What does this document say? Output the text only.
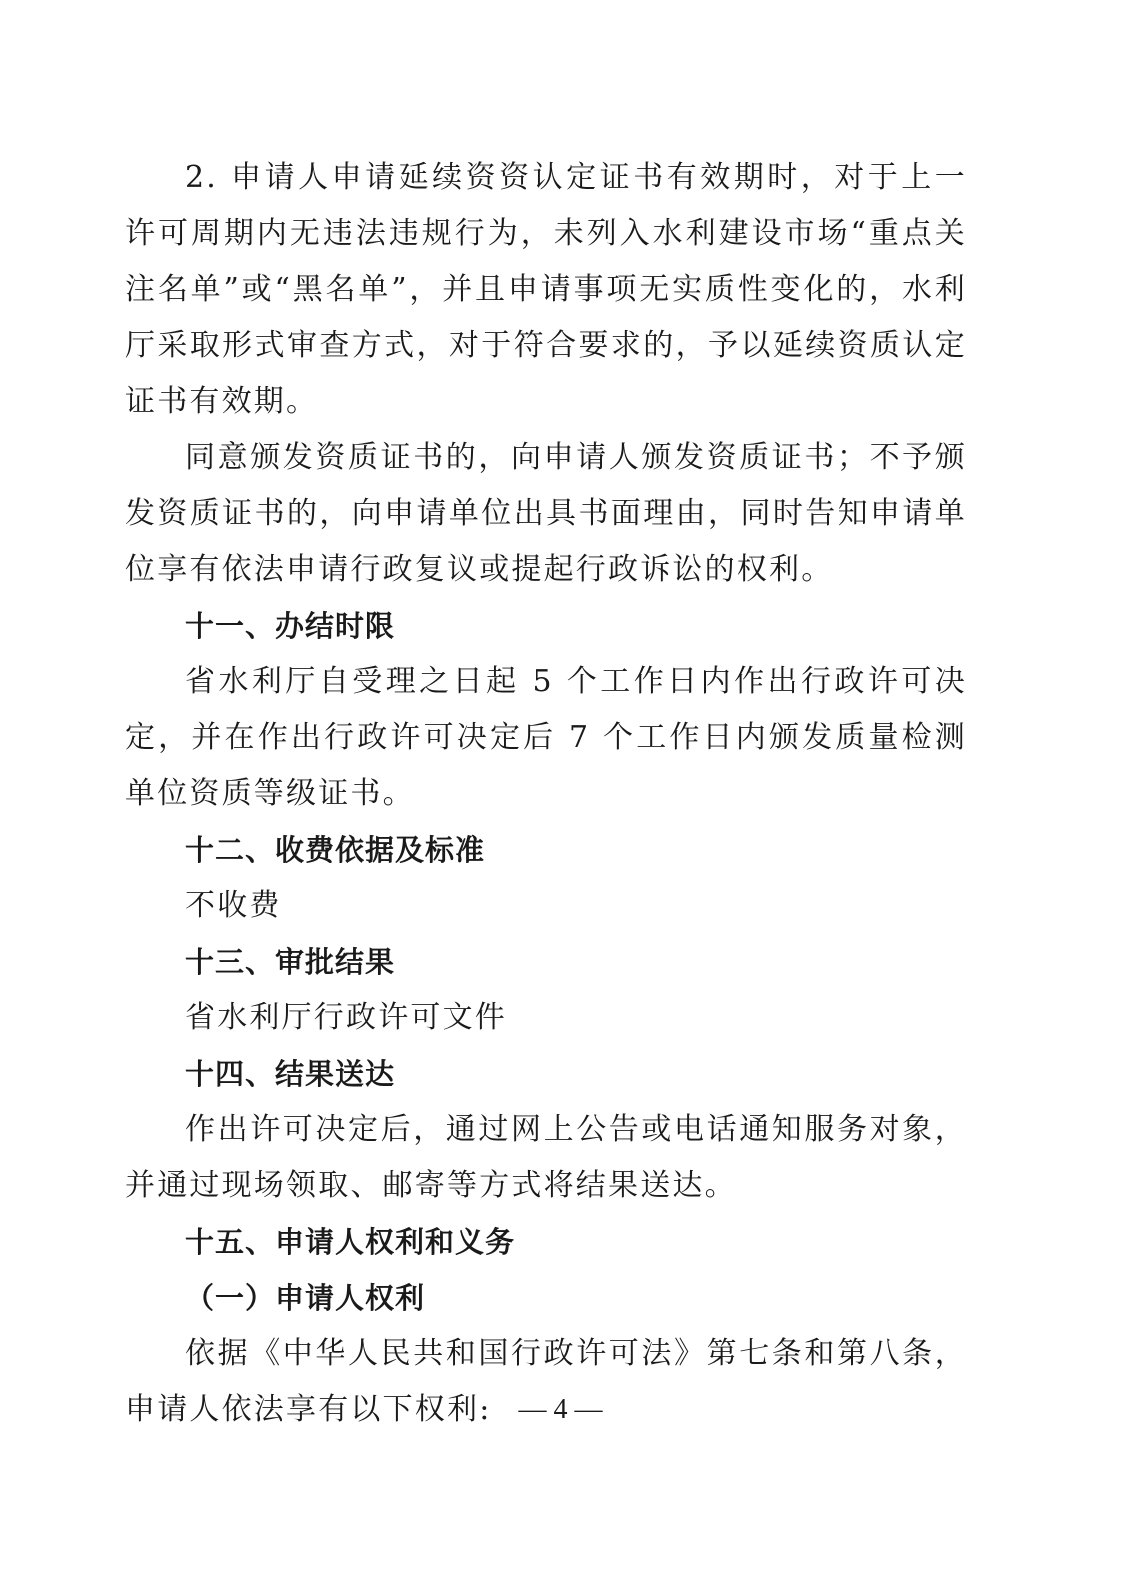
2. 申请人申请延续资资认定证书有效期时，对于上一许可周期内无违法违规行为，未列入水利建设市场“重点关注名单”或“黑名单”，并且申请事项无实质性变化的，水利厅采取形式审查方式，对于符合要求的，予以延续资质认定证书有效期。

同意颁发资质证书的，向申请人颁发资质证书；不予颁发资质证书的，向申请单位出具书面理由，同时告知申请单位享有依法申请行政复议或提起行政诉讼的权利。

十一、办结时限

省水利厅自受理之日起 5 个工作日内作出行政许可决定，并在作出行政许可决定后 7 个工作日内颁发质量检测单位资质等级证书。

十二、收费依据及标准

不收费

十三、审批结果

省水利厅行政许可文件

十四、结果送达

作出许可决定后，通过网上公告或电话通知服务对象，并通过现场领取、邮寄等方式将结果送达。

十五、申请人权利和义务

（一）申请人权利

依据《中华人民共和国行政许可法》第七条和第八条，申请人依法享有以下权利: — 4 —
